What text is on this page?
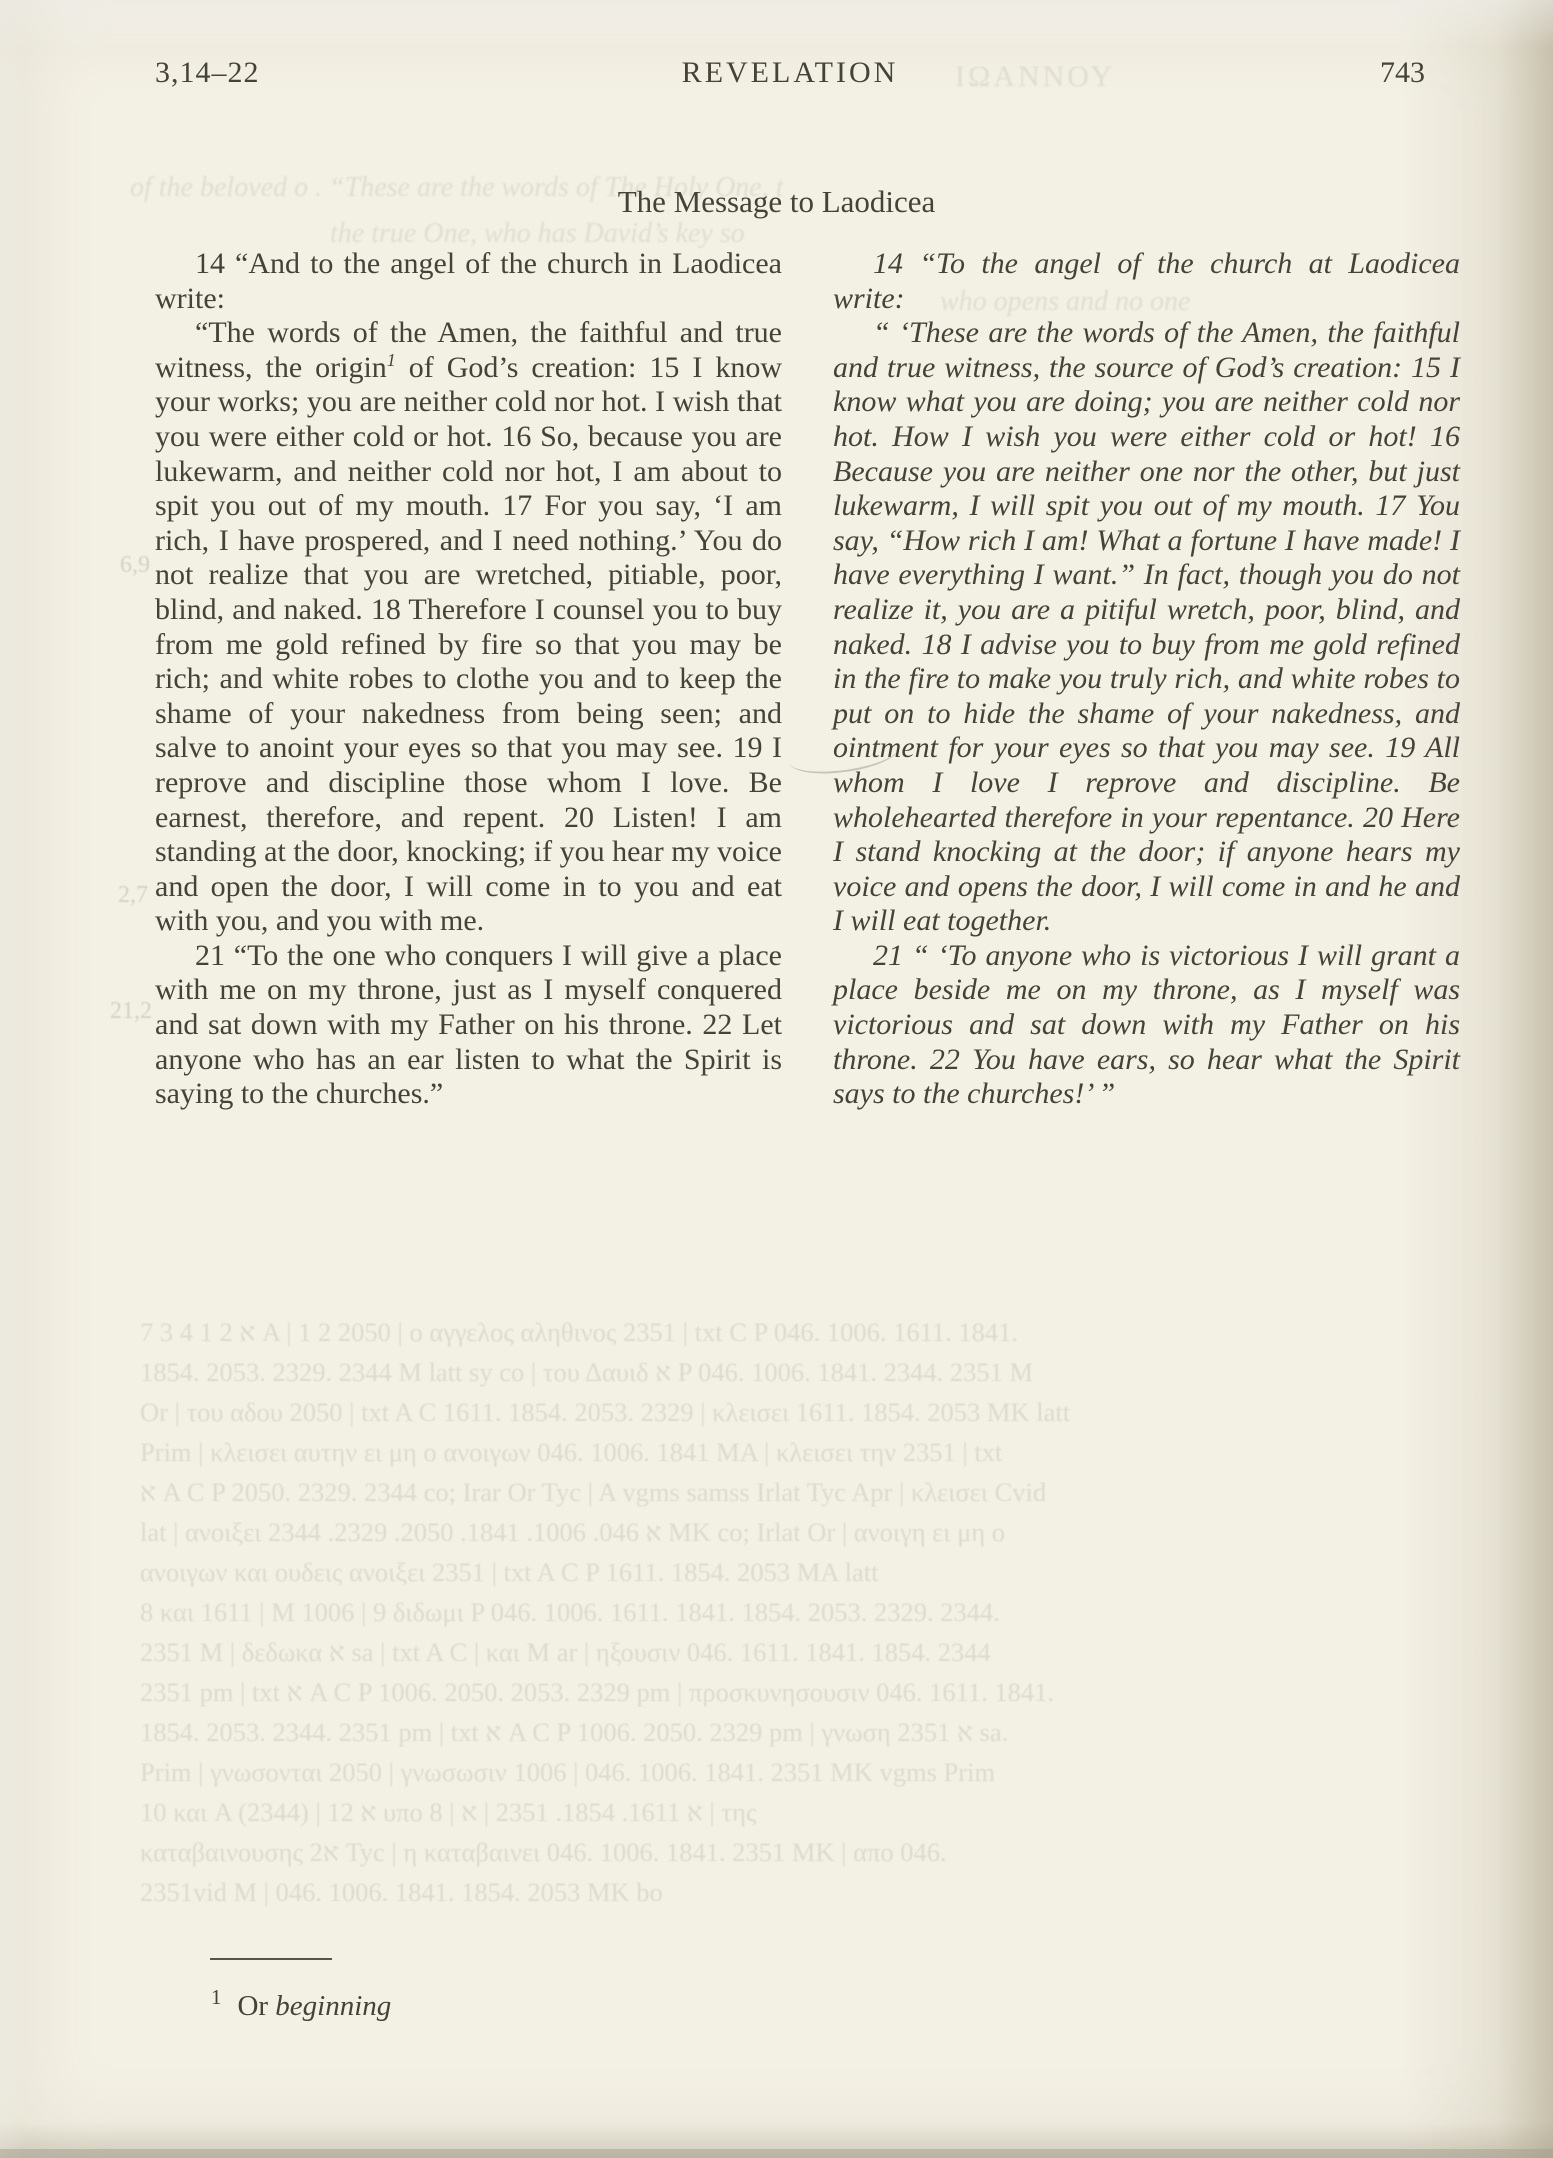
of the beloved o . “These are the words of The Holy One, t
the true One, who has David’s key so
ΙΩΑΝΝΟΥ
who opens and no one
6,9
2,7
21,2
3,14–22	REVELATION	743
The Message to Laodicea

14 “And to the angel of the church in Laodicea write:

“The words of the Amen, the faithful and true witness, the origin$^1$ of God’s creation: 15 I know your works; you are neither cold nor hot. I wish that you were either cold or hot. 16 So, because you are lukewarm, and neither cold nor hot, I am about to spit you out of my mouth. 17 For you say, ‘I am rich, I have prospered, and I need nothing.’ You do not realize that you are wretched, pitiable, poor, blind, and naked. 18 Therefore I counsel you to buy from me gold refined by fire so that you may be rich; and white robes to clothe you and to keep the shame of your nakedness from being seen; and salve to anoint your eyes so that you may see. 19 I reprove and discipline those whom I love. Be earnest, therefore, and repent. 20 Listen! I am standing at the door, knocking; if you hear my voice and open the door, I will come in to you and eat with you, and you with me.

21 “To the one who conquers I will give a place with me on my throne, just as I myself conquered and sat down with my Father on his throne. 22 Let anyone who has an ear listen to what the Spirit is saying to the churches.”

14 “To the angel of the church at Laodicea write:

“ ‘These are the words of the Amen, the faithful and true witness, the source of God’s creation: 15 I know what you are doing; you are neither cold nor hot. How I wish you were either cold or hot! 16 Because you are neither one nor the other, but just lukewarm, I will spit you out of my mouth. 17 You say, “How rich I am! What a fortune I have made! I have everything I want.” In fact, though you do not realize it, you are a pitiful wretch, poor, blind, and naked. 18 I advise you to buy from me gold refined in the fire to make you truly rich, and white robes to put on to hide the shame of your nakedness, and ointment for your eyes so that you may see. 19 All whom I love I reprove and discipline. Be wholehearted therefore in your repentance. 20 Here I stand knocking at the door; if anyone hears my voice and opens the door, I will come in and he and I will eat together.

21 “ ‘To anyone who is victorious I will grant a place beside me on my throne, as I myself was victorious and sat down with my Father on his throne. 22 You have ears, so hear what the Spirit says to the churches!’ ”

7 3 4 1 2 א A | 1 2 2050 | ο αγγελος αληθινος 2351 | txt C P 046. 1006. 1611. 1841.
1854. 2053. 2329. 2344 M latt sy co | του Δαυιδ א P 046. 1006. 1841. 2344. 2351 M
Or | του αδου 2050 | txt A C 1611. 1854. 2053. 2329 | κλεισει 1611. 1854. 2053 MK latt
Prim | κλεισει αυτην ει μη ο ανοιγων 046. 1006. 1841 MA | κλεισει την 2351 | txt
א A C P 2050. 2329. 2344 co; Irar Or Tyc | A vgms samss Irlat Tyc Apr | κλεισει Cvid
lat | ανοιξει א 046. 1006. 1841. 2050. 2329. 2344 MK co; Irlat Or | ανοιγη ει μη ο
ανοιγων και ουδεις ανοιξει 2351 | txt A C P 1611. 1854. 2053 MA latt
8 και 1611 | M 1006 | 9 διδωμι P 046. 1006. 1611. 1841. 1854. 2053. 2329. 2344.
2351 M | δεδωκα א sa | txt A C | και M ar | ηξουσιν 046. 1611. 1841. 1854. 2344
2351 pm | txt א A C P 1006. 2050. 2053. 2329 pm | προσκυνησουσιν 046. 1611. 1841.
1854. 2053. 2344. 2351 pm | txt א A C P 1006. 2050. 2329 pm | γνωση א 2351 sa.
Prim | γνωσονται 2050 | γνωσωσιν 1006 | 046. 1006. 1841. 2351 MK vgms Prim
10 και A (2344) | א 12 υπο א 1611. 1854. 2351 | א | 8 | της
καταβαινουσης א2 Tyc | η καταβαινει 046. 1006. 1841. 2351 MK | απο 046.
2351vid M | 046. 1006. 1841. 1854. 2053 MK bo
$^1$ Or beginning
